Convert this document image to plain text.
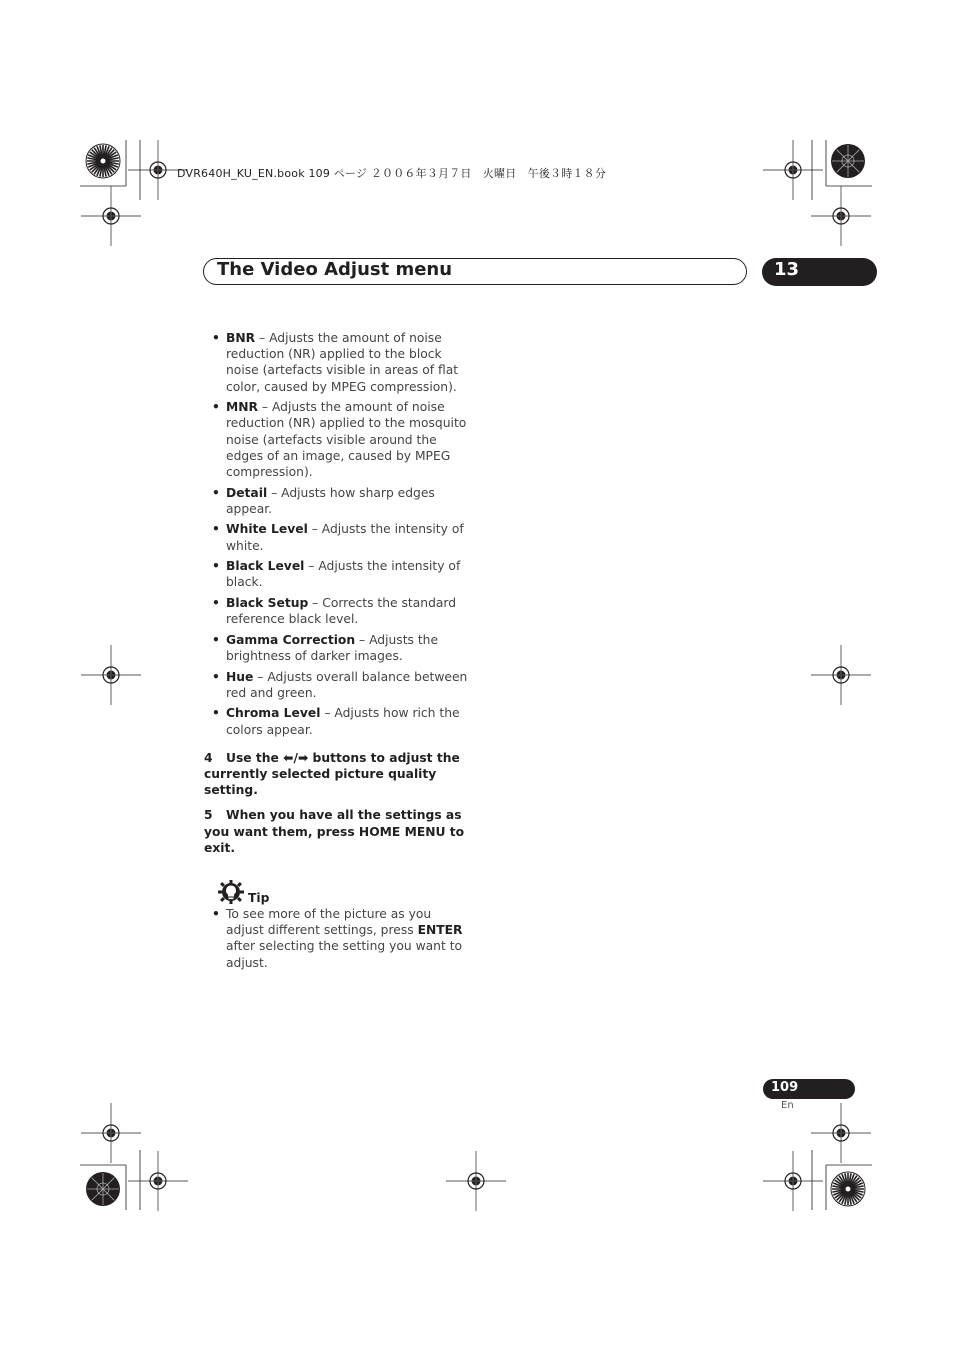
DVR640H_KU_EN.book 109 ページ ２００６年３月７日　火曜日　午後３時１８分
The Video Adjust menu	13
• BNR – Adjusts the amount of noise reduction (NR) applied to the block noise (artefacts visible in areas of flat color, caused by MPEG compression).
• MNR – Adjusts the amount of noise reduction (NR) applied to the mosquito noise (artefacts visible around the edges of an image, caused by MPEG compression).
• Detail – Adjusts how sharp edges appear.
• White Level – Adjusts the intensity of white.
• Black Level – Adjusts the intensity of black.
• Black Setup – Corrects the standard reference black level.
• Gamma Correction – Adjusts the brightness of darker images.
• Hue – Adjusts overall balance between red and green.
• Chroma Level – Adjusts how rich the colors appear.
4 Use the ⬅/➡ buttons to adjust the currently selected picture quality setting.
5 When you have all the settings as you want them, press HOME MENU to exit.
Tip
• To see more of the picture as you adjust different settings, press ENTER after selecting the setting you want to adjust.
109
En
